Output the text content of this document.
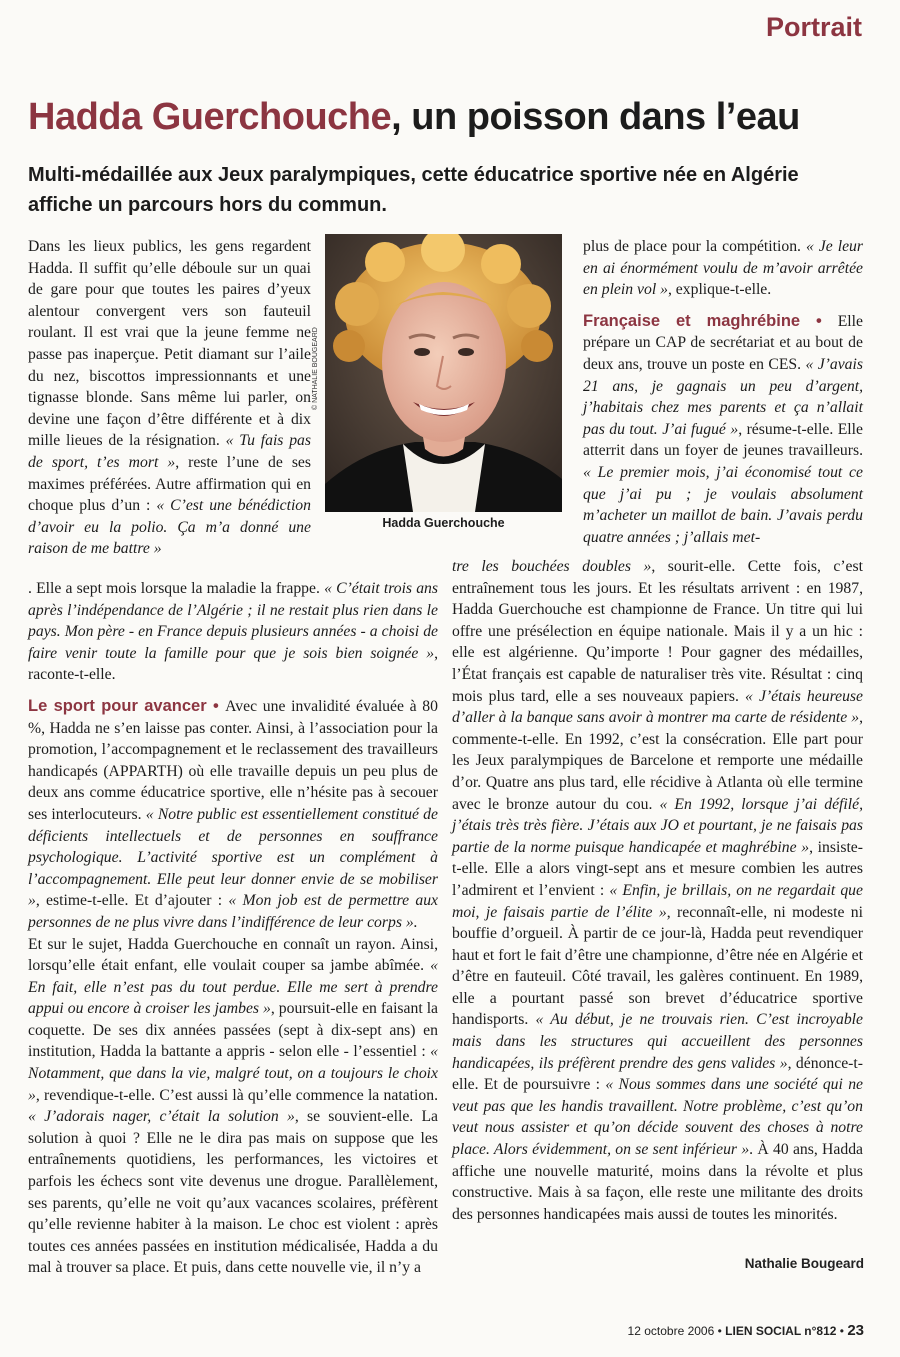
Portrait
Hadda Guerchouche, un poisson dans l’eau

Multi-médaillée aux Jeux paralympiques, cette éducatrice sportive née en Algérie affiche un parcours hors du commun.

Dans les lieux publics, les gens regardent Hadda. Il suffit qu’elle déboule sur un quai de gare pour que toutes les paires d’yeux alentour convergent vers son fauteuil roulant. Il est vrai que la jeune femme ne passe pas inaperçue. Petit diamant sur l’aile du nez, biscottos impressionnants et une tignasse blonde. Sans même lui parler, on devine une façon d’être différente et à dix mille lieues de la résignation. « Tu fais pas de sport, t’es mort », reste l’une de ses maximes préférées. Autre affirmation qui en choque plus d’un : « C’est une bénédiction d’avoir eu la polio. Ça m’a donné une raison de me battre »

© NATHALIE BOUGEARD
Hadda Guerchouche

. Elle a sept mois lorsque la maladie la frappe. « C’était trois ans après l’indépendance de l’Algérie ; il ne restait plus rien dans le pays. Mon père - en France depuis plusieurs années - a choisi de faire venir toute la famille pour que je sois bien soignée », raconte-t-elle.

Le sport pour avancer • Avec une invalidité évaluée à 80 %, Hadda ne s’en laisse pas conter. Ainsi, à l’association pour la promotion, l’accompagnement et le reclassement des travailleurs handicapés (APPARTH) où elle travaille depuis un peu plus de deux ans comme éducatrice sportive, elle n’hésite pas à secouer ses interlocuteurs. « Notre public est essentiellement constitué de déficients intellectuels et de personnes en souffrance psychologique. L’activité sportive est un complément à l’accompagnement. Elle peut leur donner envie de se mobiliser », estime-t-elle. Et d’ajouter : « Mon job est de permettre aux personnes de ne plus vivre dans l’indifférence de leur corps ».

Et sur le sujet, Hadda Guerchouche en connaît un rayon. Ainsi, lorsqu’elle était enfant, elle voulait couper sa jambe abîmée. « En fait, elle n’est pas du tout perdue. Elle me sert à prendre appui ou encore à croiser les jambes », poursuit-elle en faisant la coquette. De ses dix années passées (sept à dix-sept ans) en institution, Hadda la battante a appris - selon elle - l’essentiel : « Notamment, que dans la vie, malgré tout, on a toujours le choix », revendique-t-elle. C’est aussi là qu’elle commence la natation. « J’adorais nager, c’était la solution », se souvient-elle. La solution à quoi ? Elle ne le dira pas mais on suppose que les entraînements quotidiens, les performances, les victoires et parfois les échecs sont vite devenus une drogue. Parallèlement, ses parents, qu’elle ne voit qu’aux vacances scolaires, préfèrent qu’elle revienne habiter à la maison. Le choc est violent : après toutes ces années passées en institution médicalisée, Hadda a du mal à trouver sa place. Et puis, dans cette nouvelle vie, il n’y a

plus de place pour la compétition. « Je leur en ai énormément voulu de m’avoir arrêtée en plein vol », explique-t-elle.

Française et maghrébine • Elle prépare un CAP de secrétariat et au bout de deux ans, trouve un poste en CES. « J’avais 21 ans, je gagnais un peu d’argent, j’habitais chez mes parents et ça n’allait pas du tout. J’ai fugué », résume-t-elle. Elle atterrit dans un foyer de jeunes travailleurs. « Le premier mois, j’ai économisé tout ce que j’ai pu ; je voulais absolument m’acheter un maillot de bain. J’avais perdu quatre années ; j’allais met-

tre les bouchées doubles », sourit-elle. Cette fois, c’est entraînement tous les jours. Et les résultats arrivent : en 1987, Hadda Guerchouche est championne de France. Un titre qui lui offre une présélection en équipe nationale. Mais il y a un hic : elle est algérienne. Qu’importe ! Pour gagner des médailles, l’État français est capable de naturaliser très vite. Résultat : cinq mois plus tard, elle a ses nouveaux papiers. « J’étais heureuse d’aller à la banque sans avoir à montrer ma carte de résidente », commente-t-elle. En 1992, c’est la consécration. Elle part pour les Jeux paralympiques de Barcelone et remporte une médaille d’or. Quatre ans plus tard, elle récidive à Atlanta où elle termine avec le bronze autour du cou. « En 1992, lorsque j’ai défilé, j’étais très très fière. J’étais aux JO et pourtant, je ne faisais pas partie de la norme puisque handicapée et maghrébine », insiste-t-elle. Elle a alors vingt-sept ans et mesure combien les autres l’admirent et l’envient : « Enfin, je brillais, on ne regardait que moi, je faisais partie de l’élite », reconnaît-elle, ni modeste ni bouffie d’orgueil. À partir de ce jour-là, Hadda peut revendiquer haut et fort le fait d’être une championne, d’être née en Algérie et d’être en fauteuil. Côté travail, les galères continuent. En 1989, elle a pourtant passé son brevet d’éducatrice sportive handisports. « Au début, je ne trouvais rien. C’est incroyable mais dans les structures qui accueillent des personnes handicapées, ils préfèrent prendre des gens valides », dénonce-t-elle. Et de poursuivre : « Nous sommes dans une société qui ne veut pas que les handis travaillent. Notre problème, c’est qu’on veut nous assister et qu’on décide souvent des choses à notre place. Alors évidemment, on se sent inférieur ». À 40 ans, Hadda affiche une nouvelle maturité, moins dans la révolte et plus constructive. Mais à sa façon, elle reste une militante des droits des personnes handicapées mais aussi de toutes les minorités.

Nathalie Bougeard
12 octobre 2006 • LIEN SOCIAL n°812 • 23
